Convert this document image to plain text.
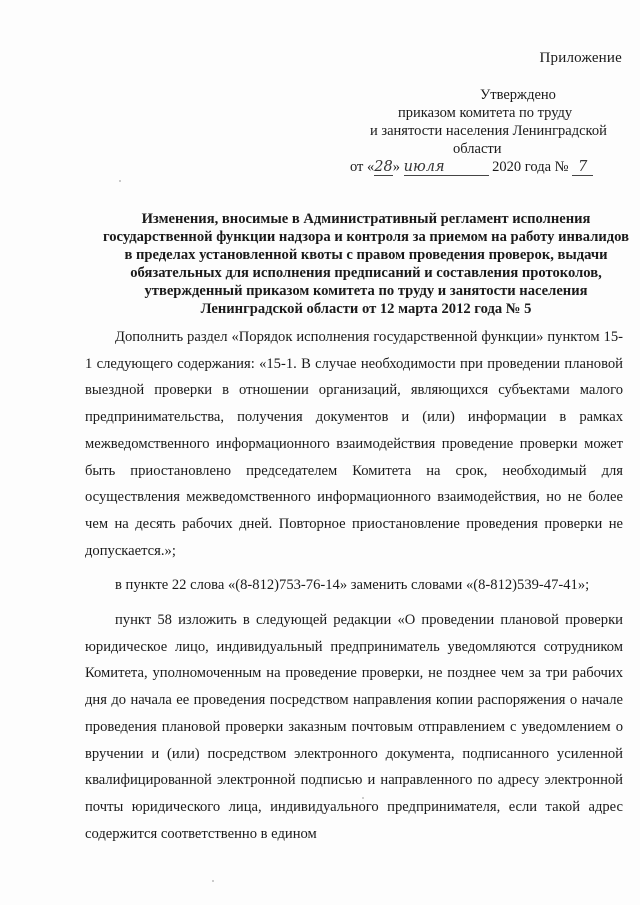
Приложение
Утверждено
приказом комитета по труду
и занятости населения Ленинградской
области
от «28» июля	2020 года № 7
Изменения, вносимые в Административный регламент исполнения
государственной функции надзора и контроля за приемом на работу инвалидов
в пределах установленной квоты с правом проведения проверок, выдачи
обязательных для исполнения предписаний и составления протоколов,
утвержденный приказом комитета по труду и занятости населения
Ленинградской области от 12 марта 2012 года № 5

Дополнить раздел «Порядок исполнения государственной функции» пунктом 15-1 следующего содержания: «15-1. В случае необходимости при проведении плановой выездной проверки в отношении организаций, являющихся субъектами малого предпринимательства, получения документов и (или) информации в рамках межведомственного информационного взаимодействия проведение проверки может быть приостановлено председателем Комитета на срок, необходимый для осуществления межведомственного информационного взаимодействия, но не более чем на десять рабочих дней. Повторное приостановление проведения проверки не допускается.»;

в пункте 22 слова «(8-812)753-76-14» заменить словами «(8-812)539-47-41»;

пункт 58 изложить в следующей редакции «О проведении плановой проверки юридическое лицо, индивидуальный предприниматель уведомляются сотрудником Комитета, уполномоченным на проведение проверки, не позднее чем за три рабочих дня до начала ее проведения посредством направления копии распоряжения о начале проведения плановой проверки заказным почтовым отправлением с уведомлением о вручении и (или) посредством электронного документа, подписанного усиленной квалифицированной электронной подписью и направленного по адресу электронной почты юридического лица, индивидуального предпринимателя, если такой адрес содержится соответственно в едином
